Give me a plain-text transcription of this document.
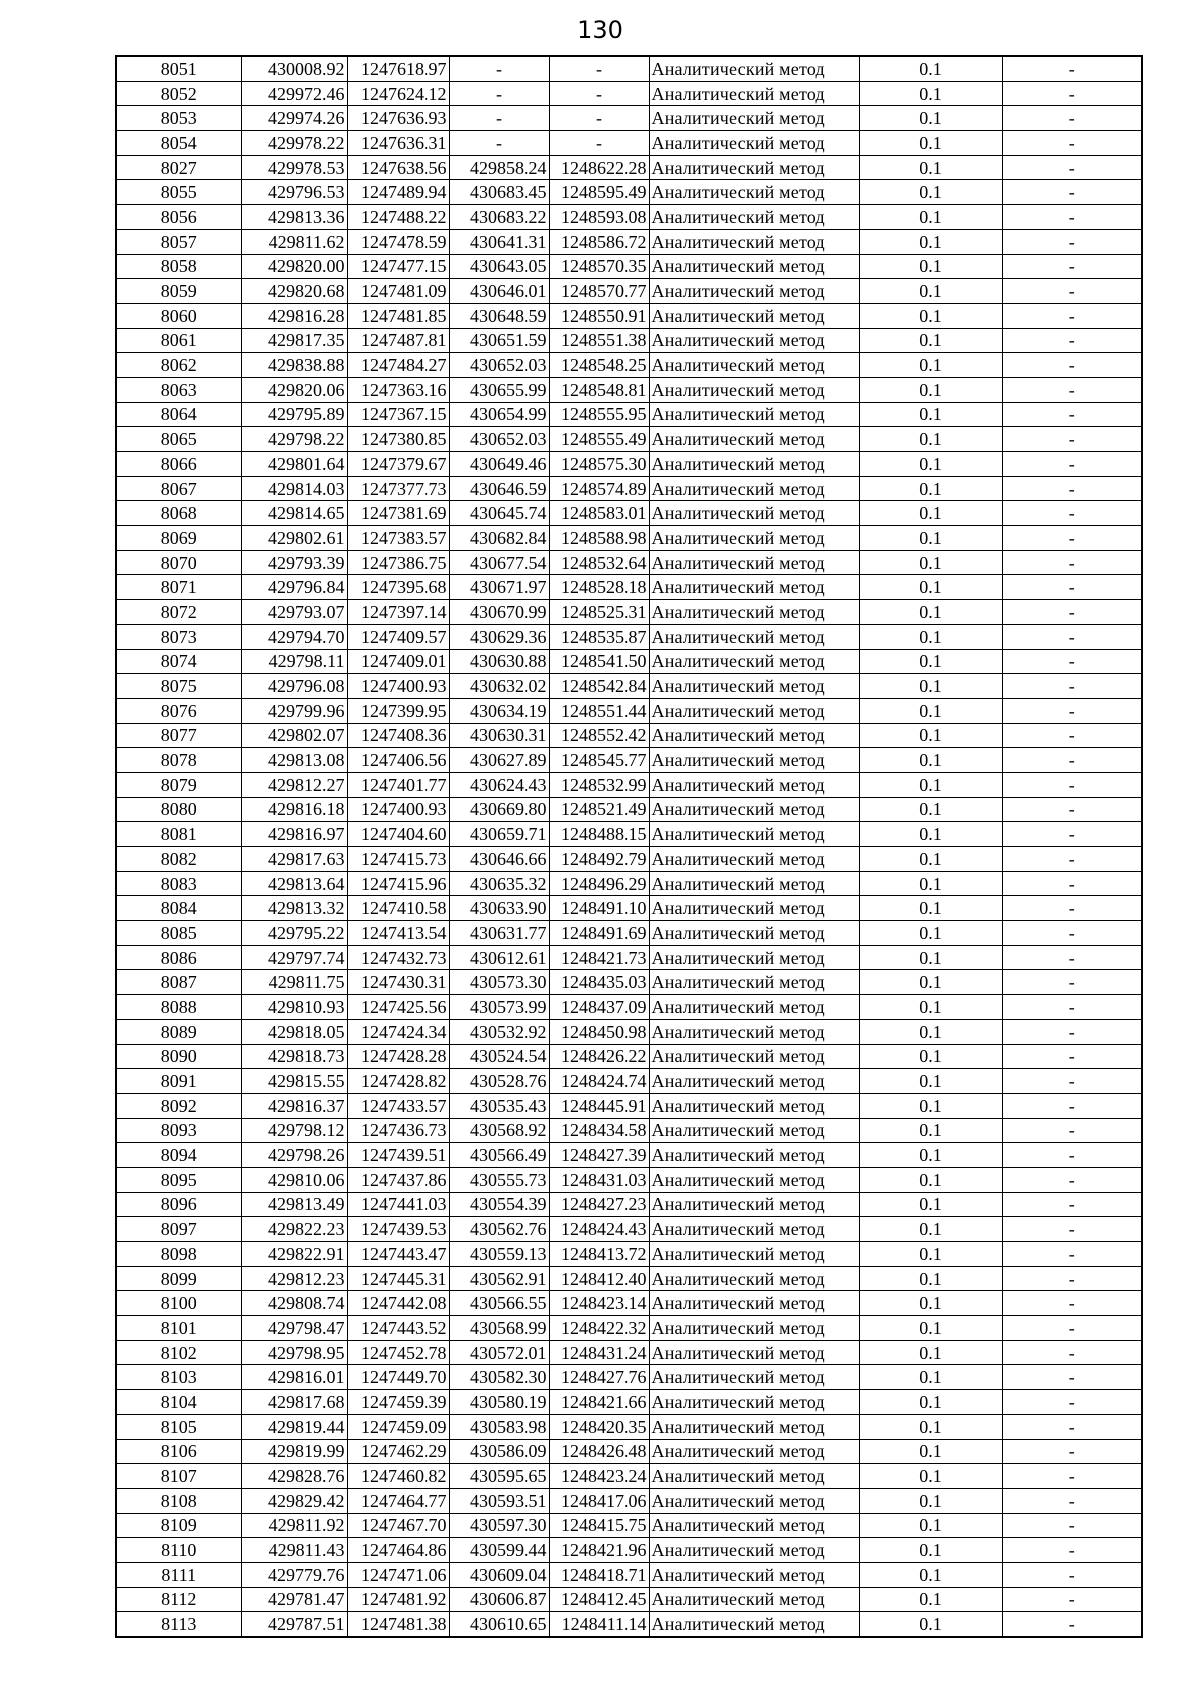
130
8051	430008.92	1247618.97	-	-	Аналитический метод	0.1	-
8052	429972.46	1247624.12	-	-	Аналитический метод	0.1	-
8053	429974.26	1247636.93	-	-	Аналитический метод	0.1	-
8054	429978.22	1247636.31	-	-	Аналитический метод	0.1	-
8027	429978.53	1247638.56	429858.24	1248622.28	Аналитический метод	0.1	-
8055	429796.53	1247489.94	430683.45	1248595.49	Аналитический метод	0.1	-
8056	429813.36	1247488.22	430683.22	1248593.08	Аналитический метод	0.1	-
8057	429811.62	1247478.59	430641.31	1248586.72	Аналитический метод	0.1	-
8058	429820.00	1247477.15	430643.05	1248570.35	Аналитический метод	0.1	-
8059	429820.68	1247481.09	430646.01	1248570.77	Аналитический метод	0.1	-
8060	429816.28	1247481.85	430648.59	1248550.91	Аналитический метод	0.1	-
8061	429817.35	1247487.81	430651.59	1248551.38	Аналитический метод	0.1	-
8062	429838.88	1247484.27	430652.03	1248548.25	Аналитический метод	0.1	-
8063	429820.06	1247363.16	430655.99	1248548.81	Аналитический метод	0.1	-
8064	429795.89	1247367.15	430654.99	1248555.95	Аналитический метод	0.1	-
8065	429798.22	1247380.85	430652.03	1248555.49	Аналитический метод	0.1	-
8066	429801.64	1247379.67	430649.46	1248575.30	Аналитический метод	0.1	-
8067	429814.03	1247377.73	430646.59	1248574.89	Аналитический метод	0.1	-
8068	429814.65	1247381.69	430645.74	1248583.01	Аналитический метод	0.1	-
8069	429802.61	1247383.57	430682.84	1248588.98	Аналитический метод	0.1	-
8070	429793.39	1247386.75	430677.54	1248532.64	Аналитический метод	0.1	-
8071	429796.84	1247395.68	430671.97	1248528.18	Аналитический метод	0.1	-
8072	429793.07	1247397.14	430670.99	1248525.31	Аналитический метод	0.1	-
8073	429794.70	1247409.57	430629.36	1248535.87	Аналитический метод	0.1	-
8074	429798.11	1247409.01	430630.88	1248541.50	Аналитический метод	0.1	-
8075	429796.08	1247400.93	430632.02	1248542.84	Аналитический метод	0.1	-
8076	429799.96	1247399.95	430634.19	1248551.44	Аналитический метод	0.1	-
8077	429802.07	1247408.36	430630.31	1248552.42	Аналитический метод	0.1	-
8078	429813.08	1247406.56	430627.89	1248545.77	Аналитический метод	0.1	-
8079	429812.27	1247401.77	430624.43	1248532.99	Аналитический метод	0.1	-
8080	429816.18	1247400.93	430669.80	1248521.49	Аналитический метод	0.1	-
8081	429816.97	1247404.60	430659.71	1248488.15	Аналитический метод	0.1	-
8082	429817.63	1247415.73	430646.66	1248492.79	Аналитический метод	0.1	-
8083	429813.64	1247415.96	430635.32	1248496.29	Аналитический метод	0.1	-
8084	429813.32	1247410.58	430633.90	1248491.10	Аналитический метод	0.1	-
8085	429795.22	1247413.54	430631.77	1248491.69	Аналитический метод	0.1	-
8086	429797.74	1247432.73	430612.61	1248421.73	Аналитический метод	0.1	-
8087	429811.75	1247430.31	430573.30	1248435.03	Аналитический метод	0.1	-
8088	429810.93	1247425.56	430573.99	1248437.09	Аналитический метод	0.1	-
8089	429818.05	1247424.34	430532.92	1248450.98	Аналитический метод	0.1	-
8090	429818.73	1247428.28	430524.54	1248426.22	Аналитический метод	0.1	-
8091	429815.55	1247428.82	430528.76	1248424.74	Аналитический метод	0.1	-
8092	429816.37	1247433.57	430535.43	1248445.91	Аналитический метод	0.1	-
8093	429798.12	1247436.73	430568.92	1248434.58	Аналитический метод	0.1	-
8094	429798.26	1247439.51	430566.49	1248427.39	Аналитический метод	0.1	-
8095	429810.06	1247437.86	430555.73	1248431.03	Аналитический метод	0.1	-
8096	429813.49	1247441.03	430554.39	1248427.23	Аналитический метод	0.1	-
8097	429822.23	1247439.53	430562.76	1248424.43	Аналитический метод	0.1	-
8098	429822.91	1247443.47	430559.13	1248413.72	Аналитический метод	0.1	-
8099	429812.23	1247445.31	430562.91	1248412.40	Аналитический метод	0.1	-
8100	429808.74	1247442.08	430566.55	1248423.14	Аналитический метод	0.1	-
8101	429798.47	1247443.52	430568.99	1248422.32	Аналитический метод	0.1	-
8102	429798.95	1247452.78	430572.01	1248431.24	Аналитический метод	0.1	-
8103	429816.01	1247449.70	430582.30	1248427.76	Аналитический метод	0.1	-
8104	429817.68	1247459.39	430580.19	1248421.66	Аналитический метод	0.1	-
8105	429819.44	1247459.09	430583.98	1248420.35	Аналитический метод	0.1	-
8106	429819.99	1247462.29	430586.09	1248426.48	Аналитический метод	0.1	-
8107	429828.76	1247460.82	430595.65	1248423.24	Аналитический метод	0.1	-
8108	429829.42	1247464.77	430593.51	1248417.06	Аналитический метод	0.1	-
8109	429811.92	1247467.70	430597.30	1248415.75	Аналитический метод	0.1	-
8110	429811.43	1247464.86	430599.44	1248421.96	Аналитический метод	0.1	-
8111	429779.76	1247471.06	430609.04	1248418.71	Аналитический метод	0.1	-
8112	429781.47	1247481.92	430606.87	1248412.45	Аналитический метод	0.1	-
8113	429787.51	1247481.38	430610.65	1248411.14	Аналитический метод	0.1	-
